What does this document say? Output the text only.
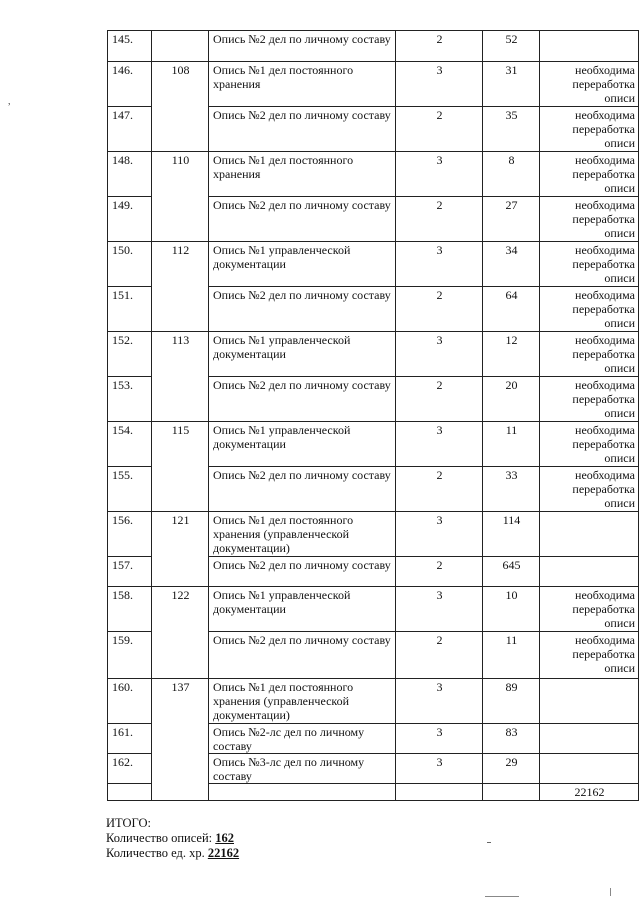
145.		Опись №2 дел по личному составу	2	52		
146.	108	Опись №1 дел постоянного хранения	3	31	необходима переработка описи	
147.		Опись №2 дел по личному составу	2	35	необходима переработка описи	
148.	110	Опись №1 дел постоянного хранения	3	8	необходима переработка описи	
149.		Опись №2 дел по личному составу	2	27	необходима переработка описи	
150.	112	Опись №1 управленческой документации	3	34	необходима переработка описи	
151.		Опись №2 дел по личному составу	2	64	необходима переработка описи	
152.	113	Опись №1 управленческой документации	3	12	необходима переработка описи	
153.		Опись №2 дел по личному составу	2	20	необходима переработка описи	
154.	115	Опись №1 управленческой документации	3	11	необходима переработка описи	
155.		Опись №2 дел по личному составу	2	33	необходима переработка описи	
156.	121	Опись №1 дел постоянного хранения (управленческой документации)	3	114		
157.		Опись №2 дел по личному составу	2	645		
158.	122	Опись №1 управленческой документации	3	10	необходима переработка описи	
159.		Опись №2 дел по личному составу	2	11	необходима переработка описи	
160.	137	Опись №1 дел постоянного хранения (управленческой документации)	3	89		
161.		Опись №2-лс дел по личному составу	3	83		
162.		Опись №3-лс дел по личному составу	3	29		
					22162	
ИТОГО:
Количество описей: 162
Количество ед. хр. 22162
,
